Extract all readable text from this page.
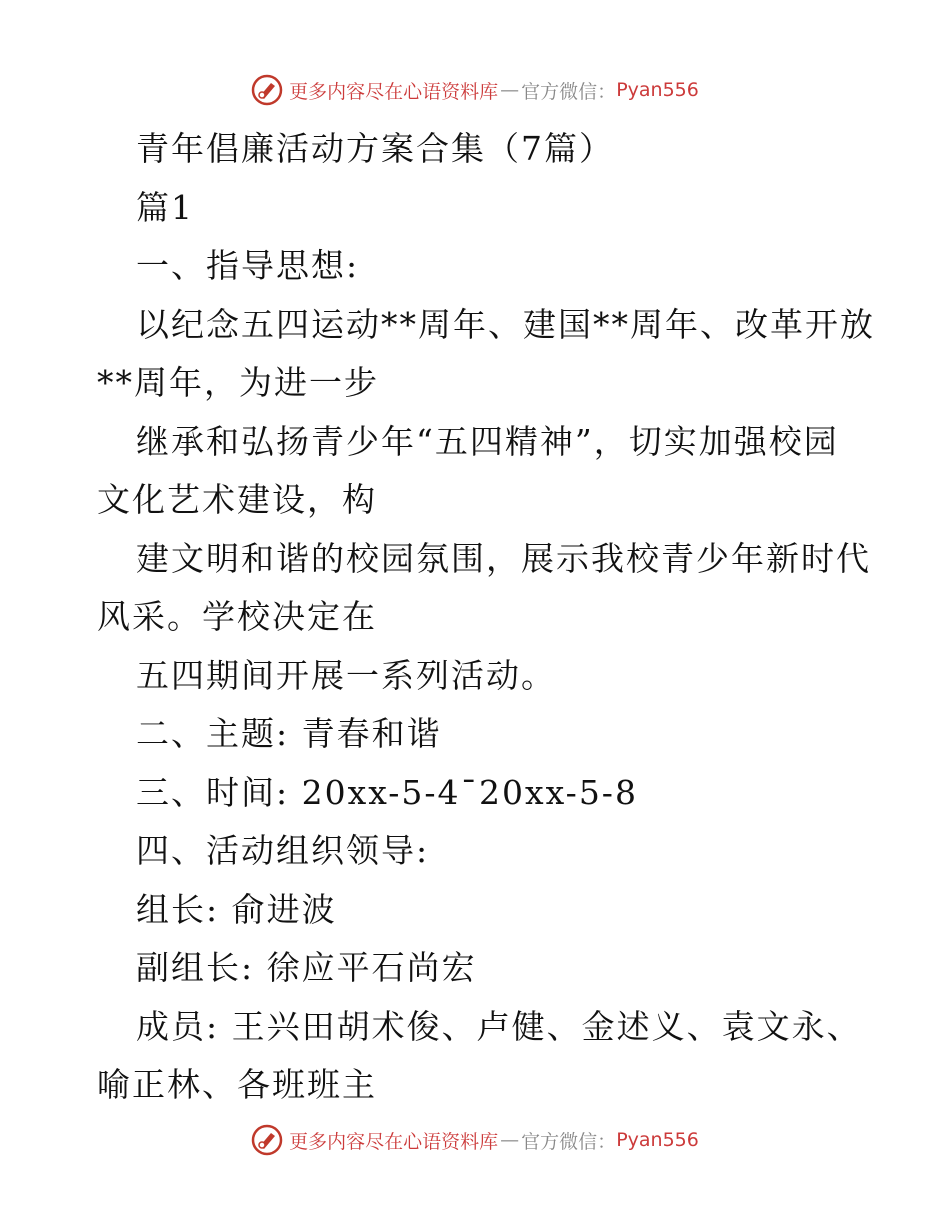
更多内容尽在心语资料库 — 官方微信： Pyan556

青年倡廉活动方案合集（7篇）

篇1

一、指导思想:

以纪念五四运动**周年、建国**周年、改革开放

**周年，为进一步

继承和弘扬青少年“五四精神”，切实加强校园

文化艺术建设，构

建文明和谐的校园氛围，展示我校青少年新时代

风采。学校决定在

五四期间开展一系列活动。

二、主题: 青春和谐

三、时间: 20xx-5-4¯20xx-5-8

四、活动组织领导:

组长: 俞进波

副组长: 徐应平石尚宏

成员: 王兴田胡术俊、卢健、金述义、袁文永、

喻正林、各班班主

更多内容尽在心语资料库 — 官方微信： Pyan556
